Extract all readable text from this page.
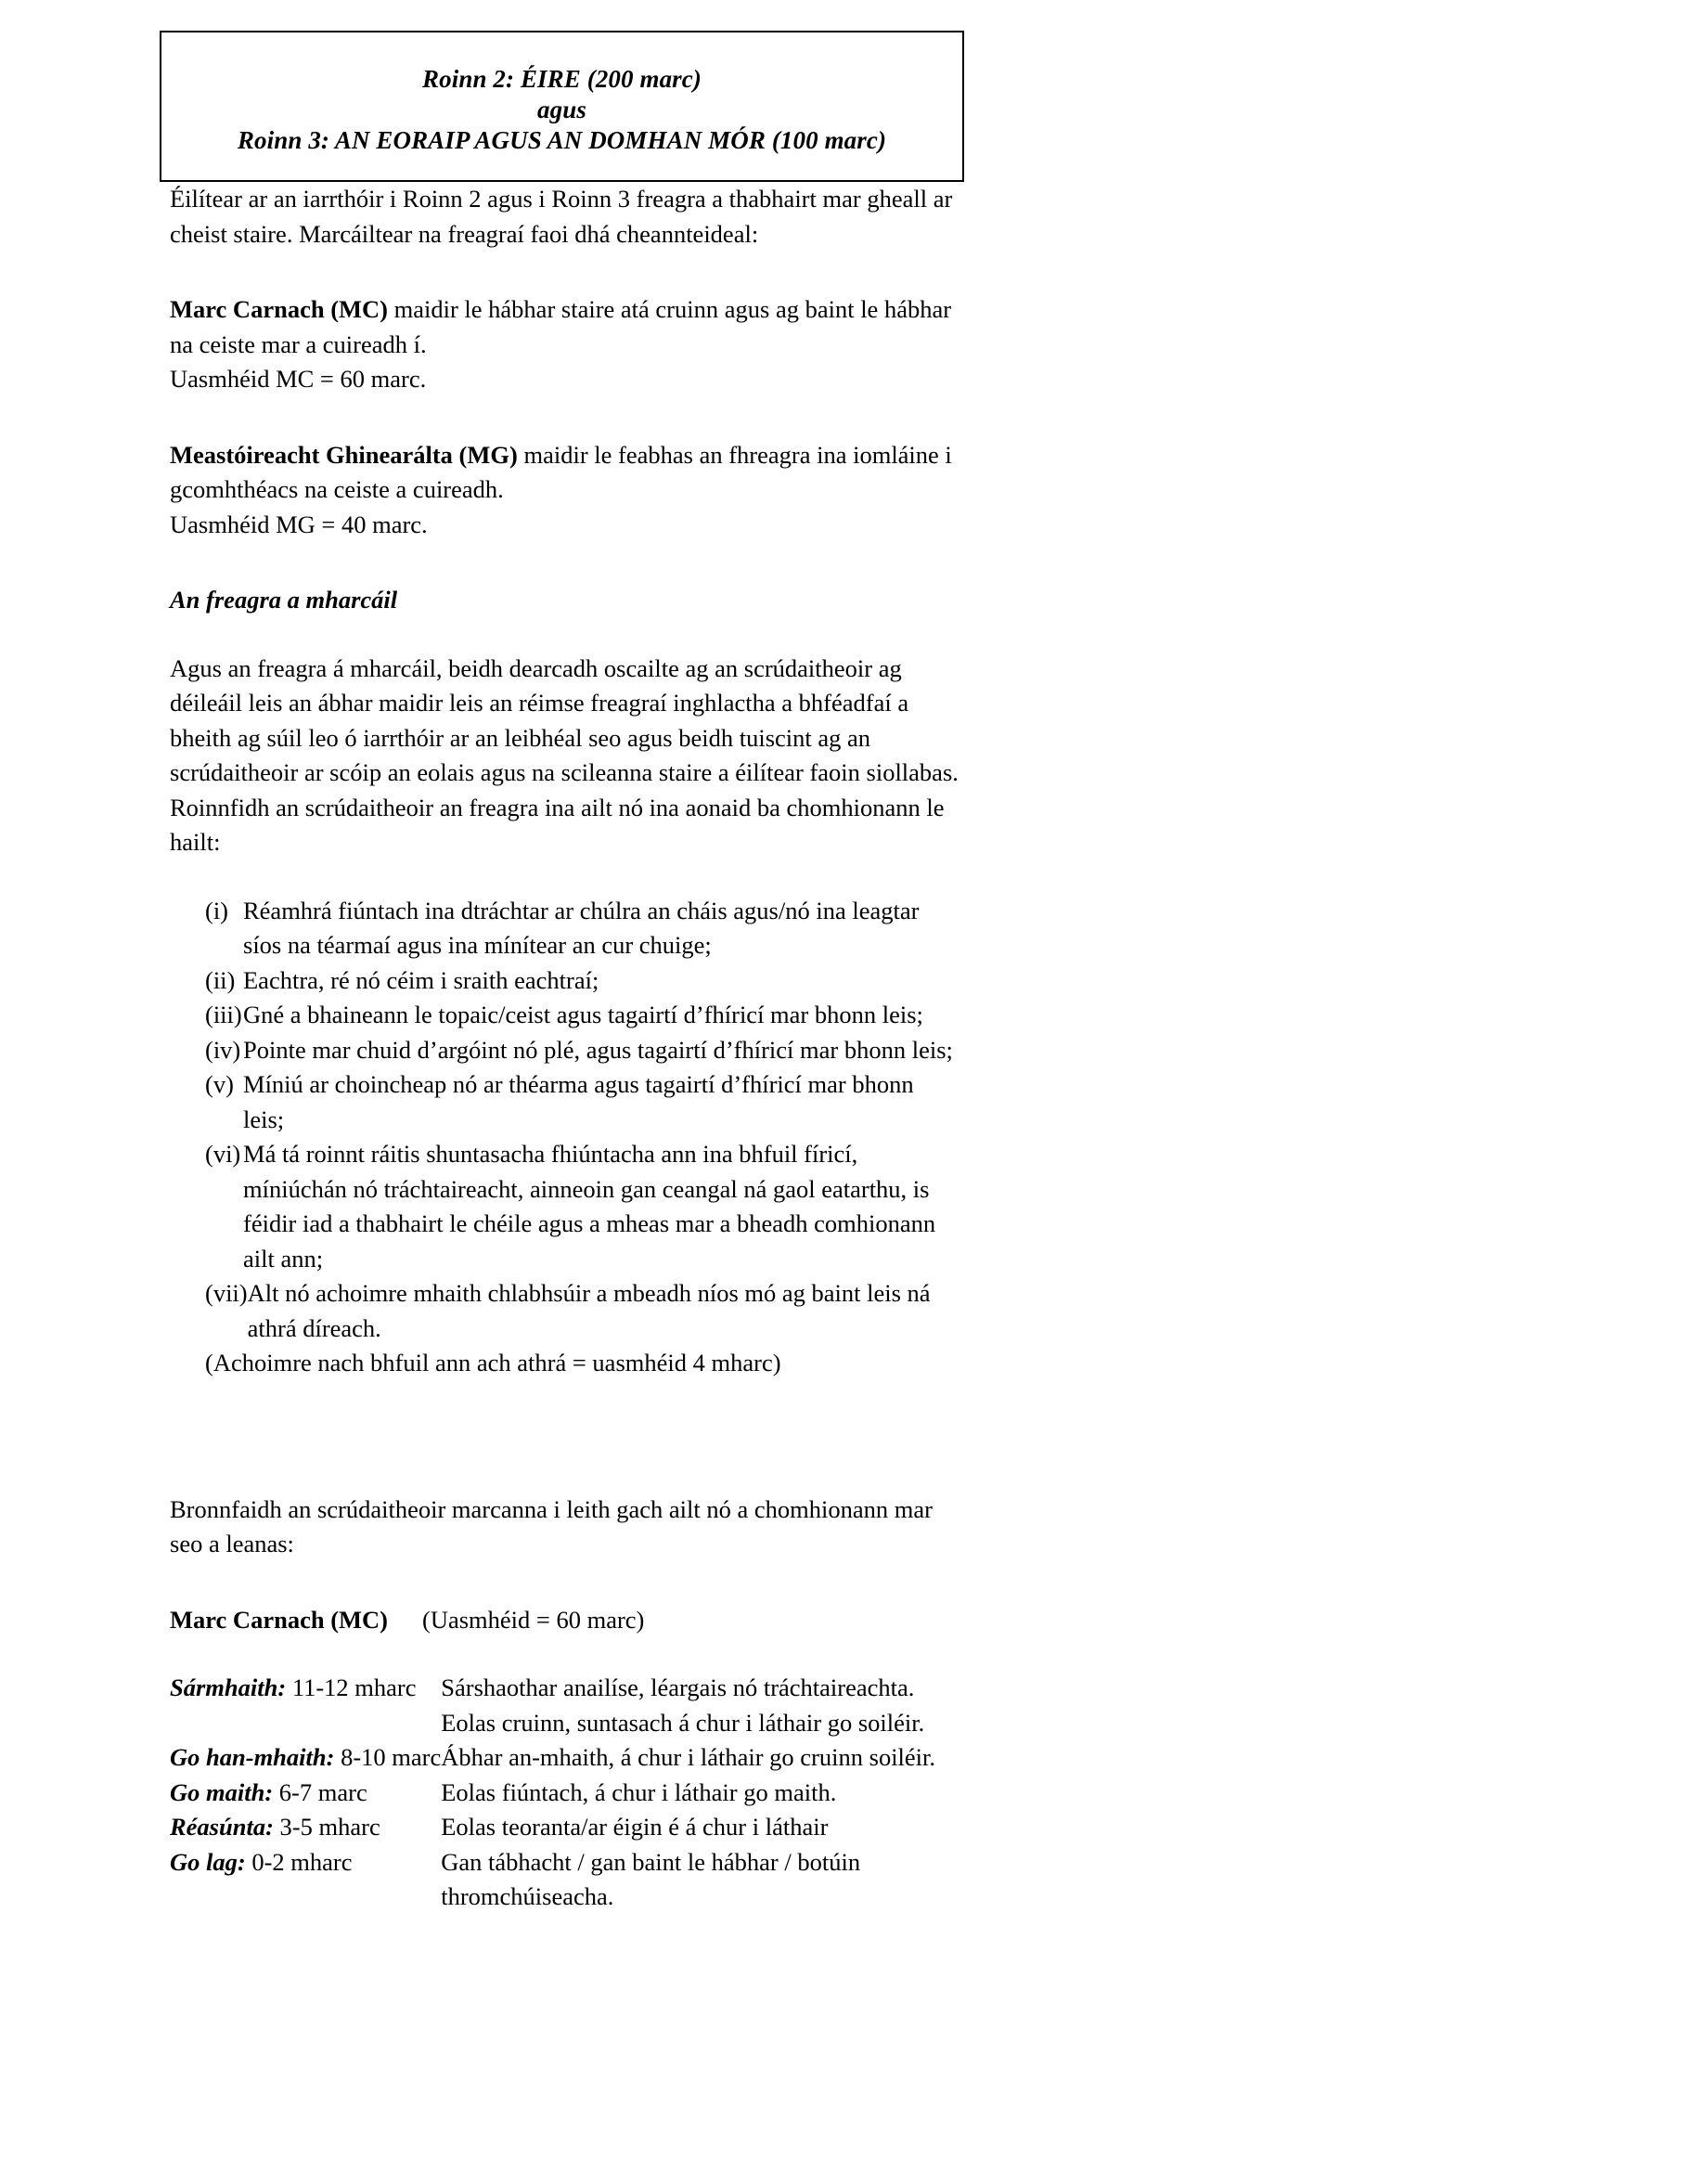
Roinn 2: ÉIRE (200 marc)
agus
Roinn 3: AN EORAIP AGUS AN DOMHAN MÓR (100 marc)

Éilítear ar an iarrthóir i Roinn 2 agus i Roinn 3 freagra a thabhairt mar gheall ar cheist staire. Marcáiltear na freagraí faoi dhá cheannteideal:

Marc Carnach (MC) maidir le hábhar staire atá cruinn agus ag baint le hábhar na ceiste mar a cuireadh í.
Uasmhéid MC = 60 marc.
Meastóireacht Ghinearálta (MG) maidir le feabhas an fhreagra ina iomláine i gcomhthéacs na ceiste a cuireadh.
Uasmhéid MG = 40 marc.
An freagra a mharcáil

Agus an freagra á mharcáil, beidh dearcadh oscailte ag an scrúdaitheoir ag déileáil leis an ábhar maidir leis an réimse freagraí inghlactha a bhféadfaí a bheith ag súil leo ó iarrthóir ar an leibhéal seo agus beidh tuiscint ag an scrúdaitheoir ar scóip an eolais agus na scileanna staire a éilítear faoin siollabas. Roinnfidh an scrúdaitheoir an freagra ina ailt nó ina aonaid ba chomhionann le hailt:

(i) Réamhrá fiúntach ina dtráchtar ar chúlra an cháis agus/nó ina leagtar síos na téarmaí agus ina mínítear an cur chuige;
(ii) Eachtra, ré nó céim i sraith eachtraí;
(iii) Gné a bhaineann le topaic/ceist agus tagairtí d’fhíricí mar bhonn leis;
(iv) Pointe mar chuid d’argóint nó plé, agus tagairtí d’fhíricí mar bhonn leis;
(v) Míniú ar choincheap nó ar théarma agus tagairtí d’fhíricí mar bhonn leis;
(vi) Má tá roinnt ráitis shuntasacha fhiúntacha ann ina bhfuil fíricí, míniúchán nó tráchtaireacht, ainneoin gan ceangal ná gaol eatarthu, is féidir iad a thabhairt le chéile agus a mheas mar a bheadh comhionann ailt ann;
(vii) Alt nó achoimre mhaith chlabhsúir a mbeadh níos mó ag baint leis ná athrá díreach.
(Achoimre nach bhfuil ann ach athrá = uasmhéid 4 mharc)

Bronnfaidh an scrúdaitheoir marcanna i leith gach ailt nó a chomhionann mar seo a leanas:

Marc Carnach (MC)	(Uasmhéid = 60 marc)
Sármhaith: 11-12 mharc	Sárshaothar anailíse, léargais nó tráchtaireachta. Eolas cruinn, suntasach á chur i láthair go soiléir.
Go han-mhaith: 8-10 marc	Ábhar an-mhaith, á chur i láthair go cruinn soiléir.
Go maith: 6-7 marc	Eolas fiúntach, á chur i láthair go maith.
Réasúnta: 3-5 mharc	Eolas teoranta/ar éigin é á chur i láthair
Go lag: 0-2 mharc	Gan tábhacht / gan baint le hábhar / botúin thromchúiseacha.
